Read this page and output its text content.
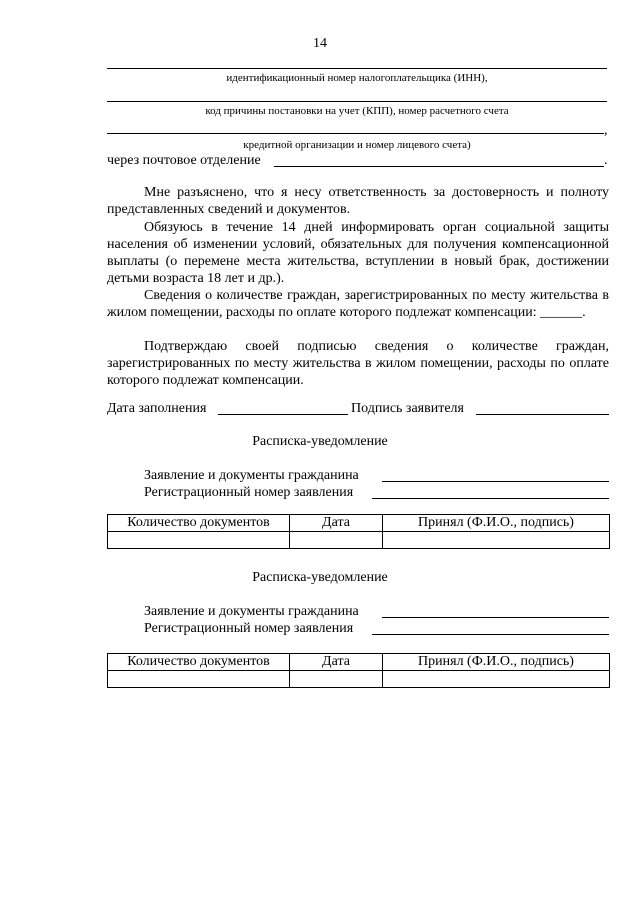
14
идентификационный номер налогоплательщика (ИНН),
код причины постановки на учет (КПП), номер расчетного счета
,
кредитной организации и номер лицевого счета)
через почтовое отделение	.
Мне разъяснено, что я несу ответственность за достоверность и полноту представленных сведений и документов.
Обязуюсь в течение 14 дней информировать орган социальной защиты населения об изменении условий, обязательных для получения компенсационной выплаты (о перемене места жительства, вступлении в новый брак, достижении детьми возраста 18 лет и др.).
Сведения о количестве граждан, зарегистрированных по месту жительства в жилом помещении, расходы по оплате которого подлежат компенсации: ______.
Подтверждаю своей подписью сведения о количестве граждан, зарегистрированных по месту жительства в жилом помещении, расходы по оплате которого подлежат компенсации.
Дата заполнения	Подпись заявителя
Расписка-уведомление
Заявление и документы гражданина
Регистрационный номер заявления
Количество документов	Дата	Принял (Ф.И.О., подпись)

Расписка-уведомление
Заявление и документы гражданина
Регистрационный номер заявления
Количество документов	Дата	Принял (Ф.И.О., подпись)
